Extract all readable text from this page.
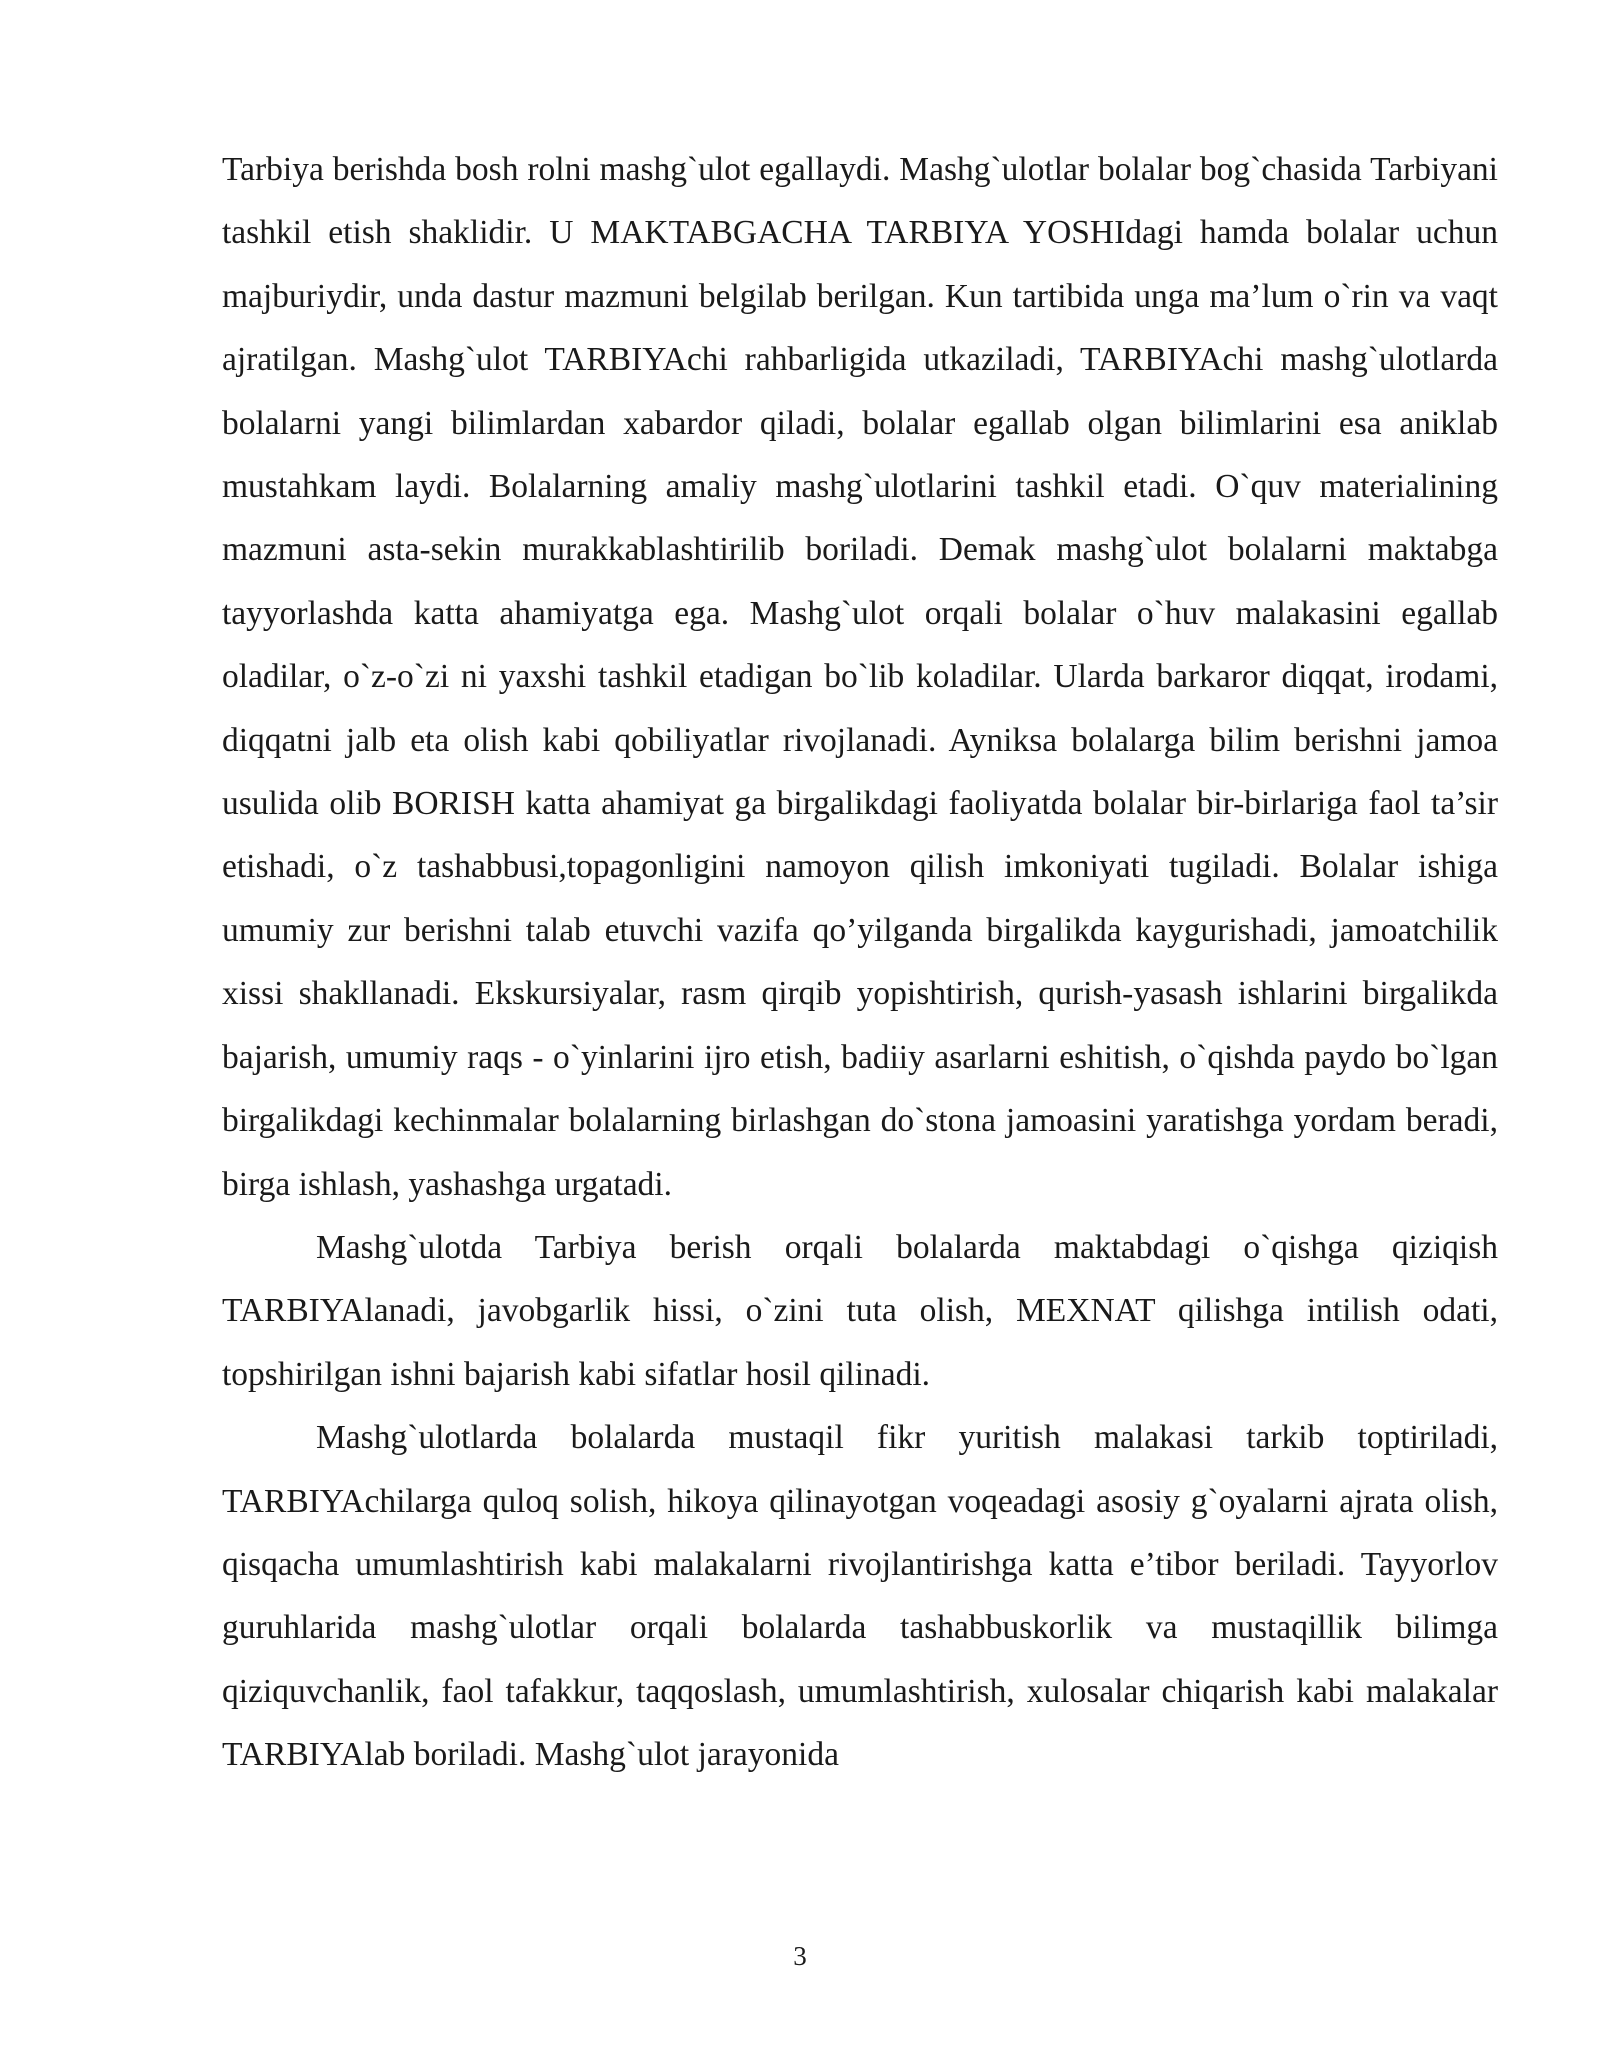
Tarbiya berishda bosh rolni mashg`ulot egallaydi. Mashg`ulotlar bolalar bog`chasida Tarbiyani tashkil etish shaklidir. U MAKTABGACHA TARBIYA YOSHIdagi hamda bolalar uchun majburiydir, unda dastur mazmuni belgilab berilgan. Kun tartibida unga ma’lum o`rin va vaqt ajratilgan. Mashg`ulot TARBIYAchi rahbarligida utkaziladi, TARBIYAchi mashg`ulotlarda bolalarni yangi bilimlardan xabardor qiladi, bolalar egallab olgan bilimlarini esa aniklab mustahkam laydi. Bolalarning amaliy mashg`ulotlarini tashkil etadi. O`quv materialining mazmuni asta-sekin murakkablashtirilib boriladi. Demak mashg`ulot bolalarni maktabga tayyorlashda katta ahamiyatga ega. Mashg`ulot orqali bolalar o`huv malakasini egallab oladilar, o`z-o`zi ni yaxshi tashkil etadigan bo`lib koladilar. Ularda barkaror diqqat, irodami, diqqatni jalb eta olish kabi qobiliyatlar rivojlanadi. Ayniksa bolalarga bilim berishni jamoa usulida olib BORISH katta ahamiyat ga birgalikdagi faoliyatda bolalar bir-birlariga faol ta’sir etishadi, o`z tashabbusi,topagonligini namoyon qilish imkoniyati tugiladi. Bolalar ishiga umumiy zur berishni talab etuvchi vazifa qo’yilganda birgalikda kaygurishadi, jamoatchilik xissi shakllanadi. Ekskursiyalar, rasm qirqib yopishtirish, qurish-yasash ishlarini birgalikda bajarish, umumiy raqs - o`yinlarini ijro etish, badiiy asarlarni eshitish, o`qishda paydo bo`lgan birgalikdagi kechinmalar bolalarning birlashgan do`stona jamoasini yaratishga yordam beradi, birga ishlash, yashashga urgatadi.

Mashg`ulotda Tarbiya berish orqali bolalarda maktabdagi o`qishga qiziqish TARBIYAlanadi, javobgarlik hissi, o`zini tuta olish, MEXNAT qilishga intilish odati, topshirilgan ishni bajarish kabi sifatlar hosil qilinadi.

Mashg`ulotlarda bolalarda mustaqil fikr yuritish malakasi tarkib toptiriladi, TARBIYAchilarga quloq solish, hikoya qilinayotgan voqeadagi asosiy g`oyalarni ajrata olish, qisqacha umumlashtirish kabi malakalarni rivojlantirishga katta e’tibor beriladi. Tayyorlov guruhlarida mashg`ulotlar orqali bolalarda tashabbuskorlik va mustaqillik bilimga qiziquvchanlik, faol tafakkur, taqqoslash, umumlashtirish, xulosalar chiqarish kabi malakalar TARBIYAlab boriladi. Mashg`ulot jarayonida

3
